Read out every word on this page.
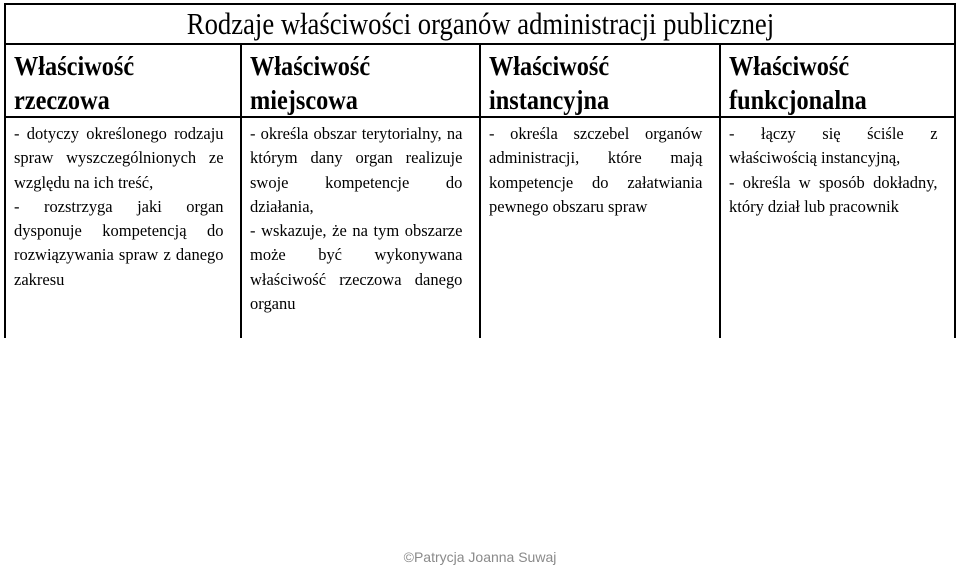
Rodzaje właściwości organów administracji publicznej
Właściwość
rzeczowa

- dotyczy określonego rodzaju spraw wyszczególnionych ze względu na ich treść,

- rozstrzyga jaki organ dysponuje kompetencją do rozwiązywania spraw z danego zakresu

Właściwość
miejscowa

- określa obszar terytorialny, na którym dany organ realizuje swoje kompetencje do działania,

- wskazuje, że na tym obszarze może być wykonywana właściwość rzeczowa danego organu

Właściwość
instancyjna

- określa szczebel organów administracji, które mają kompetencje do załatwiania pewnego obszaru spraw

Właściwość
funkcjonalna

- łączy się ściśle z właściwością instancyjną,

- określa w sposób dokładny, który dział lub pracownik

©Patrycja Joanna Suwaj
